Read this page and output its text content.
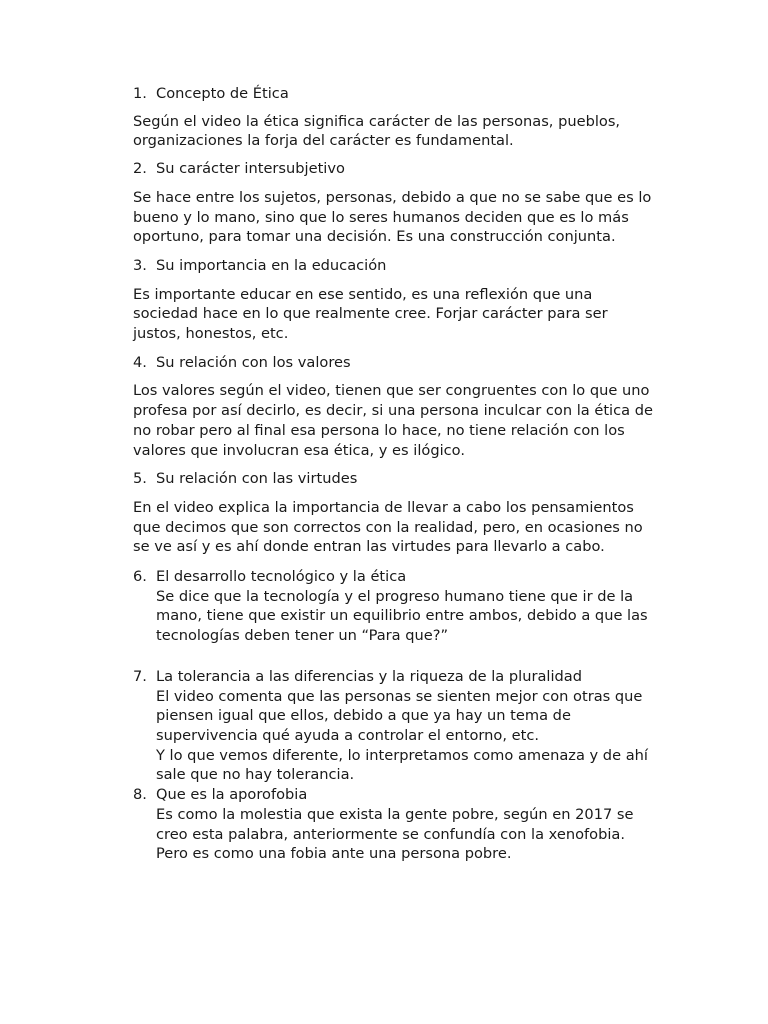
1. Concepto de Ética

Según el video la ética significa carácter de las personas, pueblos, organizaciones la forja del carácter es fundamental.

2. Su carácter intersubjetivo

Se hace entre los sujetos, personas, debido a que no se sabe que es lo bueno y lo mano, sino que lo seres humanos deciden que es lo más oportuno, para tomar una decisión. Es una construcción conjunta.

3. Su importancia en la educación

Es importante educar en ese sentido, es una reflexión que una sociedad hace en lo que realmente cree. Forjar carácter para ser justos, honestos, etc.

4. Su relación con los valores

Los valores según el video, tienen que ser congruentes con lo que uno profesa por así decirlo, es decir, si una persona inculcar con la ética de no robar pero al final esa persona lo hace, no tiene relación con los valores que involucran esa ética, y es ilógico.

5. Su relación con las virtudes

En el video explica la importancia de llevar a cabo los pensamientos que decimos que son correctos con la realidad, pero, en ocasiones no se ve así y es ahí donde entran las virtudes para llevarlo a cabo.

6. El desarrollo tecnológico y la ética

Se dice que la tecnología y el progreso humano tiene que ir de la mano, tiene que existir un equilibrio entre ambos, debido a que las tecnologías deben tener un “Para que?”

7. La tolerancia a las diferencias y la riqueza de la pluralidad

El video comenta que las personas se sienten mejor con otras que piensen igual que ellos, debido a que ya hay un tema de supervivencia qué ayuda a controlar el entorno, etc.

Y lo que vemos diferente, lo interpretamos como amenaza y de ahí sale que no hay tolerancia.

8. Que es la aporofobia

Es como la molestia que exista la gente pobre, según en 2017 se creo esta palabra, anteriormente se confundía con la xenofobia.

Pero es como una fobia ante una persona pobre.
